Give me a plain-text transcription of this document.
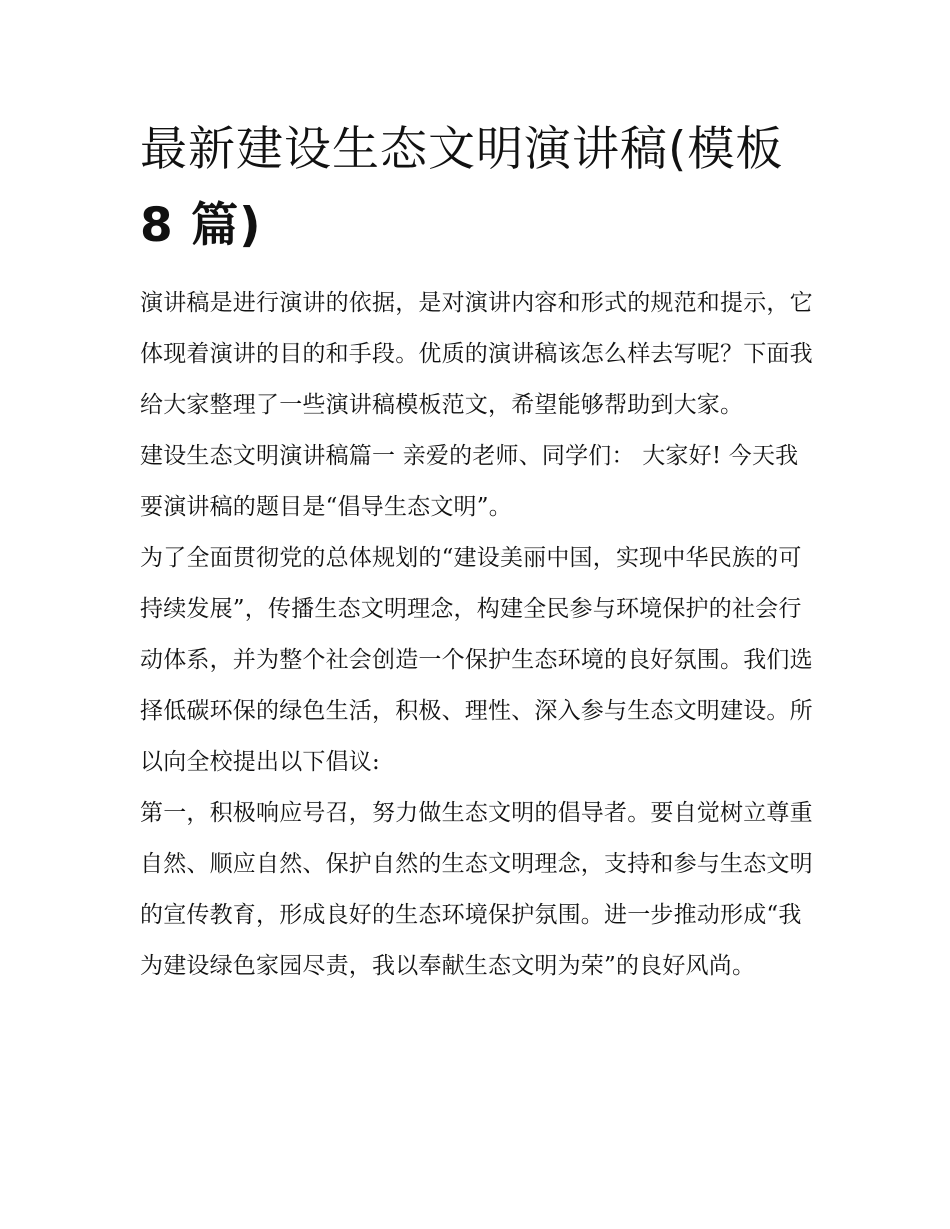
最新建设生态文明演讲稿(模板
8 篇)

演讲稿是进行演讲的依据，是对演讲内容和形式的规范和提示，它体现着演讲的目的和手段。优质的演讲稿该怎么样去写呢？下面我给大家整理了一些演讲稿模板范文，希望能够帮助到大家。

建设生态文明演讲稿篇一 亲爱的老师、同学们： 大家好! 今天我要演讲稿的题目是“倡导生态文明”。

为了全面贯彻党的总体规划的“建设美丽中国，实现中华民族的可持续发展”，传播生态文明理念，构建全民参与环境保护的社会行动体系，并为整个社会创造一个保护生态环境的良好氛围。我们选择低碳环保的绿色生活，积极、理性、深入参与生态文明建设。所以向全校提出以下倡议:

第一，积极响应号召，努力做生态文明的倡导者。要自觉树立尊重自然、顺应自然、保护自然的生态文明理念，支持和参与生态文明的宣传教育，形成良好的生态环境保护氛围。进一步推动形成“我为建设绿色家园尽责，我以奉献生态文明为荣”的良好风尚。
